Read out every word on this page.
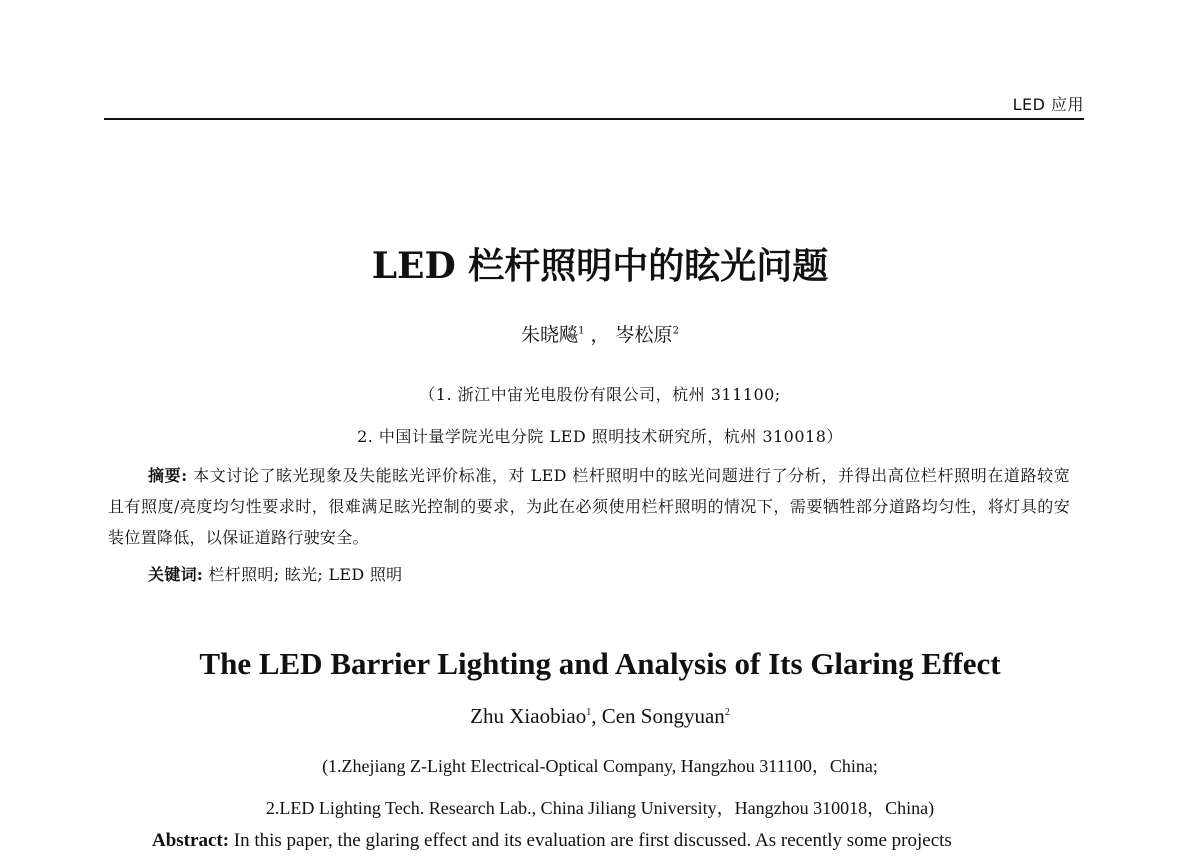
LED 应用
LED 栏杆照明中的眩光问题
朱晓飚$^1$ ， 岑松原$^2$
（1. 浙江中宙光电股份有限公司，杭州 311100;
2. 中国计量学院光电分院 LED 照明技术研究所，杭州 310018）
摘要: 本文讨论了眩光现象及失能眩光评价标准，对 LED 栏杆照明中的眩光问题进行了分析，并得出高位栏杆照明在道路较宽且有照度/亮度均匀性要求时，很难满足眩光控制的要求，为此在必须使用栏杆照明的情况下，需要牺牲部分道路均匀性，将灯具的安装位置降低，以保证道路行驶安全。
关键词: 栏杆照明; 眩光; LED 照明
The LED Barrier Lighting and Analysis of Its Glaring Effect
Zhu Xiaobiao$^1$, Cen Songyuan$^2$
(1.Zhejiang Z-Light Electrical-Optical Company, Hangzhou 311100，China;
2.LED Lighting Tech. Research Lab., China Jiliang University，Hangzhou 310018，China)
Abstract: In this paper, the glaring effect and its evaluation are first discussed. As recently some projects
